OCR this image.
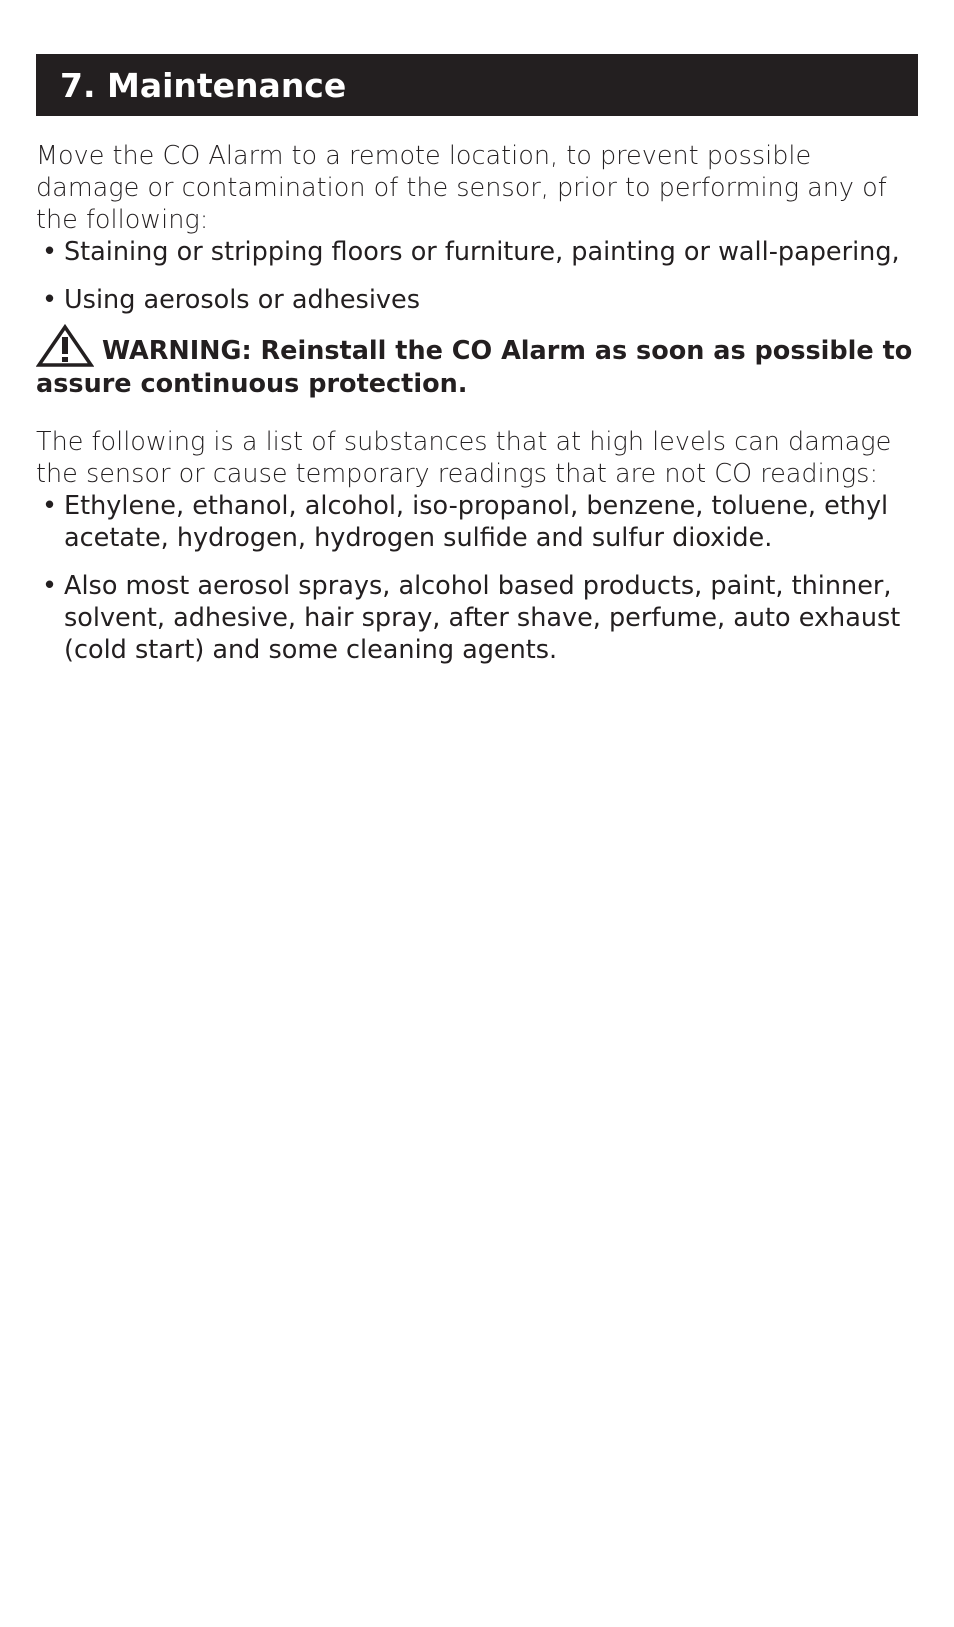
7. Maintenance

Move the CO Alarm to a remote location, to prevent possible damage or contamination of the sensor, prior to performing any of the following:

• Staining or stripping floors or furniture, painting or wall-papering,
• Using aerosols or adhesives

WARNING: Reinstall the CO Alarm as soon as possible to assure continuous protection.

The following is a list of substances that at high levels can damage the sensor or cause temporary readings that are not CO readings:

• Ethylene, ethanol, alcohol, iso-propanol, benzene, toluene, ethyl acetate, hydrogen, hydrogen sulfide and sulfur dioxide.
• Also most aerosol sprays, alcohol based products, paint, thinner, solvent, adhesive, hair spray, after shave, perfume, auto exhaust (cold start) and some cleaning agents.
